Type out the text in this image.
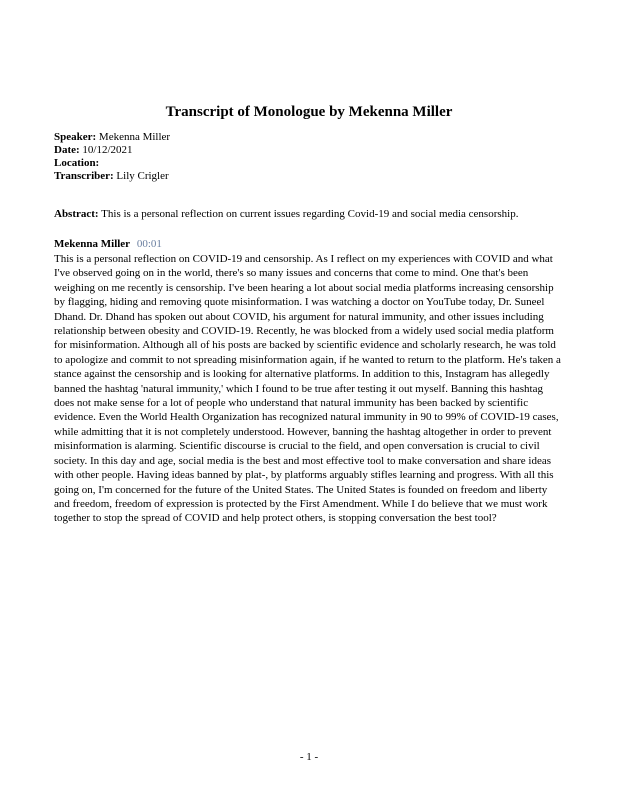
Transcript of Monologue by Mekenna Miller
Speaker: Mekenna Miller
Date: 10/12/2021
Location:
Transcriber: Lily Crigler
Abstract: This is a personal reflection on current issues regarding Covid-19 and social media censorship.
Mekenna Miller 00:01
This is a personal reflection on COVID-19 and censorship. As I reflect on my experiences with COVID and what I've observed going on in the world, there's so many issues and concerns that come to mind. One that's been weighing on me recently is censorship. I've been hearing a lot about social media platforms increasing censorship by flagging, hiding and removing quote misinformation. I was watching a doctor on YouTube today, Dr. Suneel Dhand. Dr. Dhand has spoken out about COVID, his argument for natural immunity, and other issues including relationship between obesity and COVID-19. Recently, he was blocked from a widely used social media platform for misinformation. Although all of his posts are backed by scientific evidence and scholarly research, he was told to apologize and commit to not spreading misinformation again, if he wanted to return to the platform. He's taken a stance against the censorship and is looking for alternative platforms. In addition to this, Instagram has allegedly banned the hashtag 'natural immunity,' which I found to be true after testing it out myself. Banning this hashtag does not make sense for a lot of people who understand that natural immunity has been backed by scientific evidence. Even the World Health Organization has recognized natural immunity in 90 to 99% of COVID-19 cases, while admitting that it is not completely understood. However, banning the hashtag altogether in order to prevent misinformation is alarming. Scientific discourse is crucial to the field, and open conversation is crucial to civil society. In this day and age, social media is the best and most effective tool to make conversation and share ideas with other people. Having ideas banned by plat-, by platforms arguably stifles learning and progress. With all this going on, I'm concerned for the future of the United States. The United States is founded on freedom and liberty and freedom, freedom of expression is protected by the First Amendment. While I do believe that we must work together to stop the spread of COVID and help protect others, is stopping conversation the best tool?
- 1 -
